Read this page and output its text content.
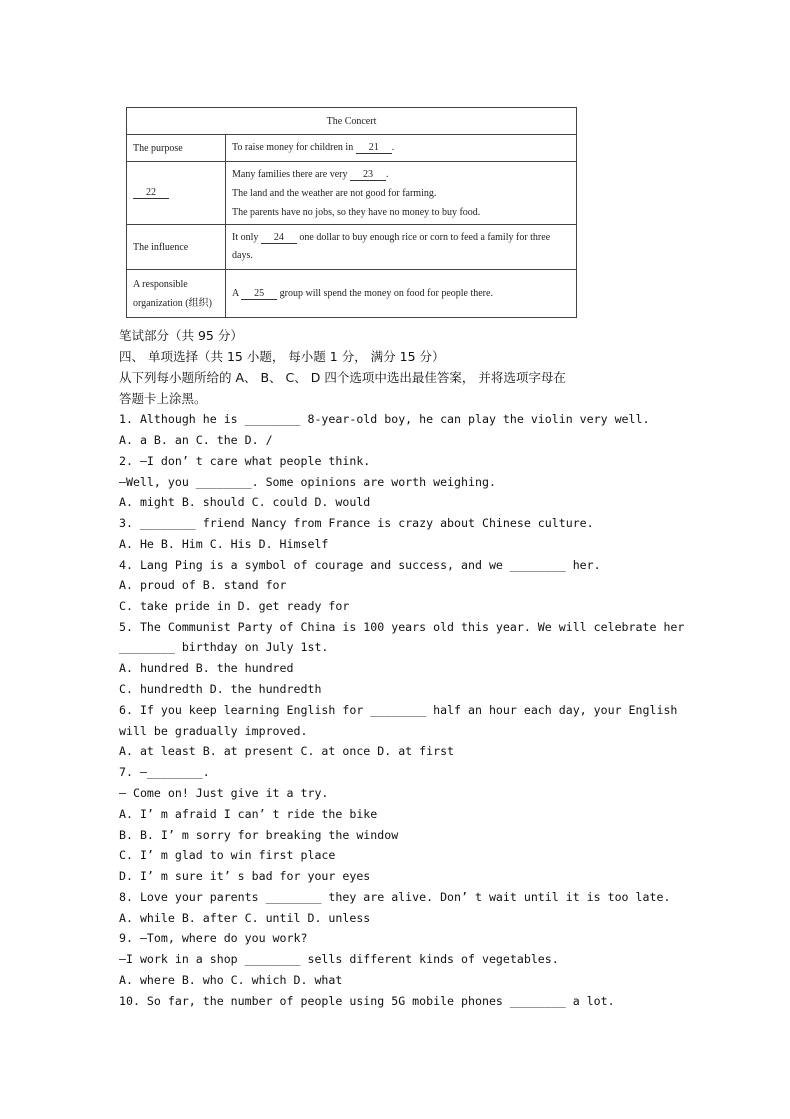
The Concert	
The purpose	To raise money for children in 21 .
22	Many families there are very 23 .
The land and the weather are not good for farming.
The parents have no jobs, so they have no money to buy food.

The influence	It only 24 one dollar to buy enough rice or corn to feed a family for three
days.

A responsible
organization (组织)	A 25 group will spend the money on food for people there.
笔试部分（共 95 分）
四、 单项选择（共 15 小题， 每小题 1 分， 满分 15 分）
从下列每小题所给的 A、 B、 C、 D 四个选项中选出最佳答案， 并将选项字母在
答题卡上涂黑。
1. Although he is ________ 8-year-old boy, he can play the violin very well.
A. a B. an C. the D. /
2. —I don’ t care what people think.
—Well, you ________. Some opinions are worth weighing.
A. might B. should C. could D. would
3. ________ friend Nancy from France is crazy about Chinese culture.
A. He B. Him C. His D. Himself
4. Lang Ping is a symbol of courage and success, and we ________ her.
A. proud of B. stand for
C. take pride in D. get ready for
5. The Communist Party of China is 100 years old this year. We will celebrate her
________ birthday on July 1st.
A. hundred B. the hundred
C. hundredth D. the hundredth
6. If you keep learning English for ________ half an hour each day, your English
will be gradually improved.
A. at least B. at present C. at once D. at first
7. —________.
— Come on! Just give it a try.
A. I’ m afraid I can’ t ride the bike
B. B. I’ m sorry for breaking the window
C. I’ m glad to win first place
D. I’ m sure it’ s bad for your eyes
8. Love your parents ________ they are alive. Don’ t wait until it is too late.
A. while B. after C. until D. unless
9. —Tom, where do you work?
—I work in a shop ________ sells different kinds of vegetables.
A. where B. who C. which D. what
10. So far, the number of people using 5G mobile phones ________ a lot.
